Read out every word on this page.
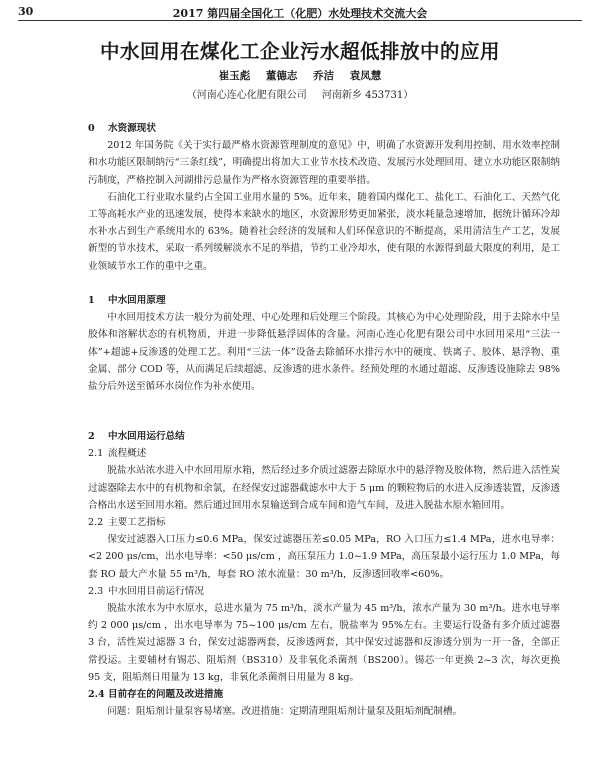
30	2017 第四届全国化工（化肥）水处理技术交流大会
中水回用在煤化工企业污水超低排放中的应用
崔玉彪 董德志 乔洁 袁凤慧
（河南心连心化肥有限公司 河南新乡 453731）

0 水资源现状

2012 年国务院《关于实行最严格水资源管理制度的意见》中，明确了水资源开发利用控制、用水效率控制和水功能区限制纳污“三条红线”，明确提出将加大工业节水技术改造、发展污水处理回用、建立水功能区限制纳污制度，严格控制入河湖排污总量作为严格水资源管理的重要举措。

石油化工行业取水量约占全国工业用水量的 5%。近年来，随着国内煤化工、盐化工、石油化工、天然气化工等高耗水产业的迅速发展，使得本来缺水的地区，水资源形势更加紧张，淡水耗量急速增加，据统计循环冷却水补水占到生产系统用水的 63%。随着社会经济的发展和人们环保意识的不断提高，采用清洁生产工艺，发展新型的节水技术，采取一系列缓解淡水不足的举措，节约工业冷却水，使有限的水源得到最大限度的利用，是工业领域节水工作的重中之重。

1 中水回用原理

中水回用技术方法一般分为前处理、中心处理和后处理三个阶段。其核心为中心处理阶段，用于去除水中呈胶体和溶解状态的有机物质，并进一步降低悬浮固体的含量。河南心连心化肥有限公司中水回用采用“三法一体”+超滤+反渗透的处理工艺。利用“三法一体”设备去除循环水排污水中的硬度、铁离子、胶体、悬浮物、重金属、部分 COD 等，从而满足后续超滤、反渗透的进水条件。经预处理的水通过超滤、反渗透设施除去 98%盐分后外送至循环水岗位作为补水使用。

2 中水回用运行总结

2.1 流程概述

脱盐水站浓水进入中水回用原水箱，然后经过多介质过滤器去除原水中的悬浮物及胶体物，然后进入活性炭过滤器除去水中的有机物和余氯，在经保安过滤器截滤水中大于 5 μm 的颗粒物后的水进入反渗透装置，反渗透合格出水送至回用水箱。然后通过回用水泵输送到合成车间和造气车间，及进入脱盐水原水箱回用。

2.2 主要工艺指标

保安过滤器入口压力≤0.6 MPa，保安过滤器压差≤0.05 MPa，RO 入口压力≤1.4 MPa，进水电导率：<2 200 μs/cm，出水电导率：<50 μs/cm ，高压泵压力 1.0~1.9 MPa，高压泵最小运行压力 1.0 MPa，每套 RO 最大产水量 55 m³/h，每套 RO 浓水流量：30 m³/h，反渗透回收率<60%。

2.3 中水回用目前运行情况

脱盐水浓水为中水原水，总进水量为 75 m³/h，淡水产量为 45 m³/h，浓水产量为 30 m³/h。进水电导率约 2 000 μs/cm ，出水电导率为 75~100 μs/cm 左右，脱盐率为 95%左右。主要运行设备有多介质过滤器 3 台，活性炭过滤器 3 台，保安过滤器两套，反渗透两套，其中保安过滤器和反渗透分别为一开一备，全部正常投运。主要辅材有锡芯、阻垢剂（BS310）及非氧化杀菌剂（BS200）。锡芯一年更换 2~3 次，每次更换 95 支，阻垢剂日用量为 13 kg，非氧化杀菌剂日用量为 8 kg。

2.4 目前存在的问题及改进措施

问题：阻垢剂计量泵容易堵塞。改进措施：定期清理阻垢剂计量泵及阻垢剂配制槽。
